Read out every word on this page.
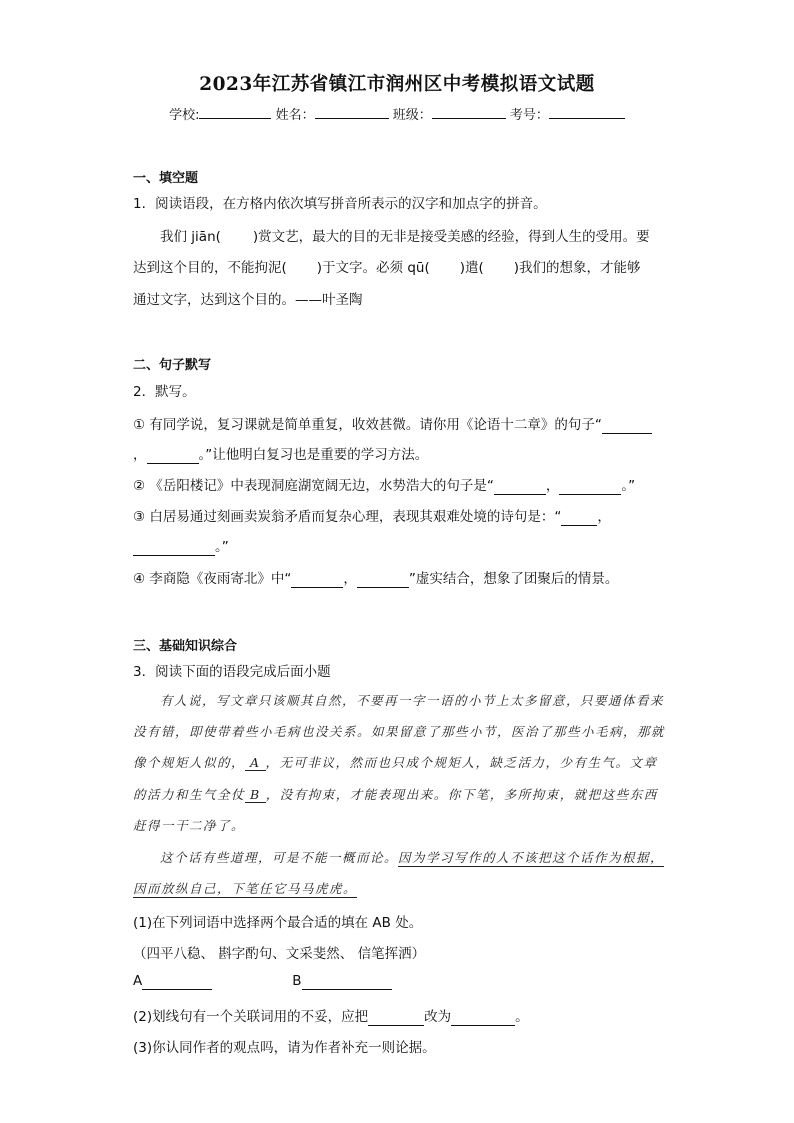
2023年江苏省镇江市润州区中考模拟语文试题
学校:	姓名：	班级：	考号：
一、填空题
1．阅读语段，在方格内依次填写拼音所表示的汉字和加点字的拼音。
我们 jiān( )赏文艺，最大的目的无非是接受美感的经验，得到人生的受用。要
达到这个目的，不能拘泥( )于文字。必须 qū( )遣( )我们的想象，才能够
通过文字，达到这个目的。——叶圣陶
二、句子默写
2．默写。
① 有同学说，复习课就是简单重复，收效甚微。请你用《论语十二章》的句子“
，	。”让他明白复习也是重要的学习方法。
② 《岳阳楼记》中表现洞庭湖宽阔无边，水势浩大的句子是“	，	。”
③ 白居易通过刻画卖炭翁矛盾而复杂心理，表现其艰难处境的诗句是：“	，
。”
④ 李商隐《夜雨寄北》中“	，	”虚实结合，想象了团聚后的情景。
三、基础知识综合
3．阅读下面的语段完成后面小题
有人说，写文章只该顺其自然，不要再一字一语的小节上太多留意，只要通体看来
没有错，即使带着些小毛病也没关系。如果留意了那些小节，医治了那些小毛病，那就
像个规矩人似的， A ，无可非议，然而也只成个规矩人，缺乏活力，少有生气。文章
的活力和生气全仗 B ，没有拘束，才能表现出来。你下笔，多所拘束，就把这些东西
赶得一干二净了。
这个话有些道理，可是不能一概而论。因为学习写作的人不该把这个话作为根据，
因而放纵自己，下笔任它马马虎虎。
(1)在下列词语中选择两个最合适的填在 AB 处。
（四平八稳、 斟字酌句、文采斐然、 信笔挥洒）
A	B
(2)划线句有一个关联词用的不妥，应把	改为	。
(3)你认同作者的观点吗，请为作者补充一则论据。
